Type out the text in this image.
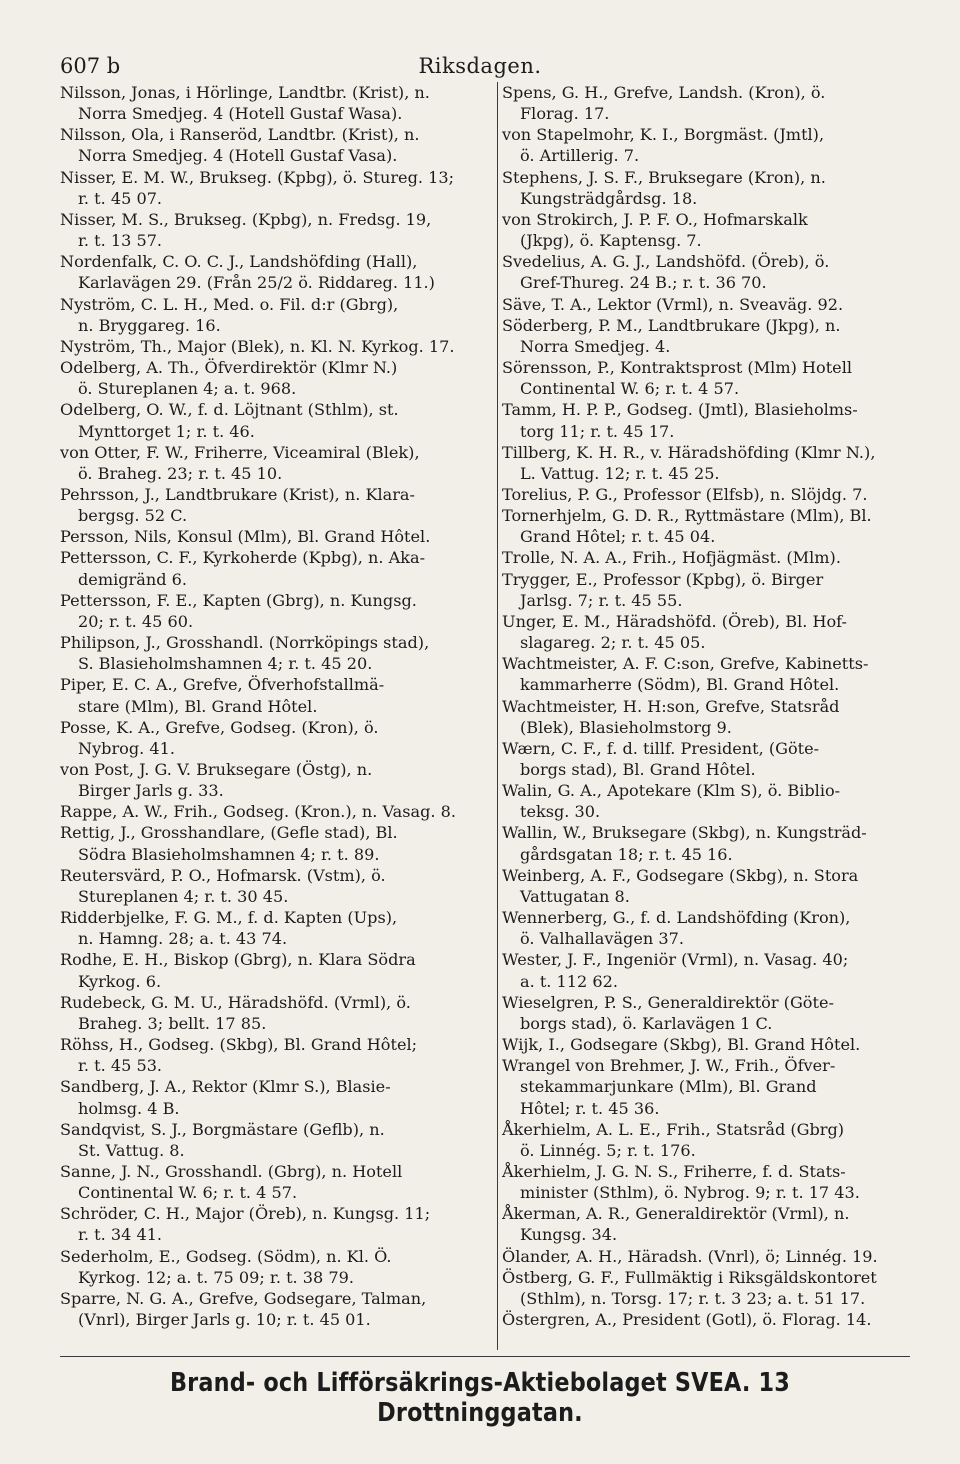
607 b	Riksdagen.
Nilsson, Jonas, i Hörlinge, Landtbr. (Krist), n.
Norra Smedjeg. 4 (Hotell Gustaf Wasa).
Nilsson, Ola, i Ranseröd, Landtbr. (Krist), n.
Norra Smedjeg. 4 (Hotell Gustaf Vasa).
Nisser, E. M. W., Brukseg. (Kpbg), ö. Stureg. 13;
r. t. 45 07.
Nisser, M. S., Brukseg. (Kpbg), n. Fredsg. 19,
r. t. 13 57.
Nordenfalk, C. O. C. J., Landshöfding (Hall),
Karlavägen 29. (Från 25/2 ö. Riddareg. 11.)
Nyström, C. L. H., Med. o. Fil. d:r (Gbrg),
n. Bryggareg. 16.
Nyström, Th., Major (Blek), n. Kl. N. Kyrkog. 17.
Odelberg, A. Th., Öfverdirektör (Klmr N.)
ö. Stureplanen 4; a. t. 968.
Odelberg, O. W., f. d. Löjtnant (Sthlm), st.
Mynttorget 1; r. t. 46.
von Otter, F. W., Friherre, Viceamiral (Blek),
ö. Braheg. 23; r. t. 45 10.
Pehrsson, J., Landtbrukare (Krist), n. Klara-
bergsg. 52 C.
Persson, Nils, Konsul (Mlm), Bl. Grand Hôtel.
Pettersson, C. F., Kyrkoherde (Kpbg), n. Aka-
demigränd 6.
Pettersson, F. E., Kapten (Gbrg), n. Kungsg.
20; r. t. 45 60.
Philipson, J., Grosshandl. (Norrköpings stad),
S. Blasieholmshamnen 4; r. t. 45 20.
Piper, E. C. A., Grefve, Öfverhofstallmä-
stare (Mlm), Bl. Grand Hôtel.
Posse, K. A., Grefve, Godseg. (Kron), ö.
Nybrog. 41.
von Post, J. G. V. Bruksegare (Östg), n.
Birger Jarls g. 33.
Rappe, A. W., Frih., Godseg. (Kron.), n. Vasag. 8.
Rettig, J., Grosshandlare, (Gefle stad), Bl.
Södra Blasieholmshamnen 4; r. t. 89.
Reutersvärd, P. O., Hofmarsk. (Vstm), ö.
Stureplanen 4; r. t. 30 45.
Ridderbjelke, F. G. M., f. d. Kapten (Ups),
n. Hamng. 28; a. t. 43 74.
Rodhe, E. H., Biskop (Gbrg), n. Klara Södra
Kyrkog. 6.
Rudebeck, G. M. U., Häradshöfd. (Vrml), ö.
Braheg. 3; bellt. 17 85.
Röhss, H., Godseg. (Skbg), Bl. Grand Hôtel;
r. t. 45 53.
Sandberg, J. A., Rektor (Klmr S.), Blasie-
holmsg. 4 B.
Sandqvist, S. J., Borgmästare (Geflb), n.
St. Vattug. 8.
Sanne, J. N., Grosshandl. (Gbrg), n. Hotell
Continental W. 6; r. t. 4 57.
Schröder, C. H., Major (Öreb), n. Kungsg. 11;
r. t. 34 41.
Sederholm, E., Godseg. (Södm), n. Kl. Ö.
Kyrkog. 12; a. t. 75 09; r. t. 38 79.
Sparre, N. G. A., Grefve, Godsegare, Talman,
(Vnrl), Birger Jarls g. 10; r. t. 45 01.
Spens, G. H., Grefve, Landsh. (Kron), ö.
Florag. 17.
von Stapelmohr, K. I., Borgmäst. (Jmtl),
ö. Artillerig. 7.
Stephens, J. S. F., Bruksegare (Kron), n.
Kungsträdgårdsg. 18.
von Strokirch, J. P. F. O., Hofmarskalk
(Jkpg), ö. Kaptensg. 7.
Svedelius, A. G. J., Landshöfd. (Öreb), ö.
Gref-Thureg. 24 B.; r. t. 36 70.
Säve, T. A., Lektor (Vrml), n. Sveaväg. 92.
Söderberg, P. M., Landtbrukare (Jkpg), n.
Norra Smedjeg. 4.
Sörensson, P., Kontraktsprost (Mlm) Hotell
Continental W. 6; r. t. 4 57.
Tamm, H. P. P., Godseg. (Jmtl), Blasieholms-
torg 11; r. t. 45 17.
Tillberg, K. H. R., v. Häradshöfding (Klmr N.),
L. Vattug. 12; r. t. 45 25.
Torelius, P. G., Professor (Elfsb), n. Slöjdg. 7.
Tornerhjelm, G. D. R., Ryttmästare (Mlm), Bl.
Grand Hôtel; r. t. 45 04.
Trolle, N. A. A., Frih., Hofjägmäst. (Mlm).
Trygger, E., Professor (Kpbg), ö. Birger
Jarlsg. 7; r. t. 45 55.
Unger, E. M., Häradshöfd. (Öreb), Bl. Hof-
slagareg. 2; r. t. 45 05.
Wachtmeister, A. F. C:son, Grefve, Kabinetts-
kammarherre (Södm), Bl. Grand Hôtel.
Wachtmeister, H. H:son, Grefve, Statsråd
(Blek), Blasieholmstorg 9.
Wærn, C. F., f. d. tillf. President, (Göte-
borgs stad), Bl. Grand Hôtel.
Walin, G. A., Apotekare (Klm S), ö. Biblio-
teksg. 30.
Wallin, W., Bruksegare (Skbg), n. Kungsträd-
gårdsgatan 18; r. t. 45 16.
Weinberg, A. F., Godsegare (Skbg), n. Stora
Vattugatan 8.
Wennerberg, G., f. d. Landshöfding (Kron),
ö. Valhallavägen 37.
Wester, J. F., Ingeniör (Vrml), n. Vasag. 40;
a. t. 112 62.
Wieselgren, P. S., Generaldirektör (Göte-
borgs stad), ö. Karlavägen 1 C.
Wijk, I., Godsegare (Skbg), Bl. Grand Hôtel.
Wrangel von Brehmer, J. W., Frih., Öfver-
stekammarjunkare (Mlm), Bl. Grand
Hôtel; r. t. 45 36.
Åkerhielm, A. L. E., Frih., Statsråd (Gbrg)
ö. Linnég. 5; r. t. 176.
Åkerhielm, J. G. N. S., Friherre, f. d. Stats-
minister (Sthlm), ö. Nybrog. 9; r. t. 17 43.
Åkerman, A. R., Generaldirektör (Vrml), n.
Kungsg. 34.
Ölander, A. H., Häradsh. (Vnrl), ö; Linnég. 19.
Östberg, G. F., Fullmäktig i Riksgäldskontoret
(Sthlm), n. Torsg. 17; r. t. 3 23; a. t. 51 17.
Östergren, A., President (Gotl), ö. Florag. 14.
Brand- och Lifförsäkrings-Aktiebolaget SVEA. 13 Drottninggatan.
